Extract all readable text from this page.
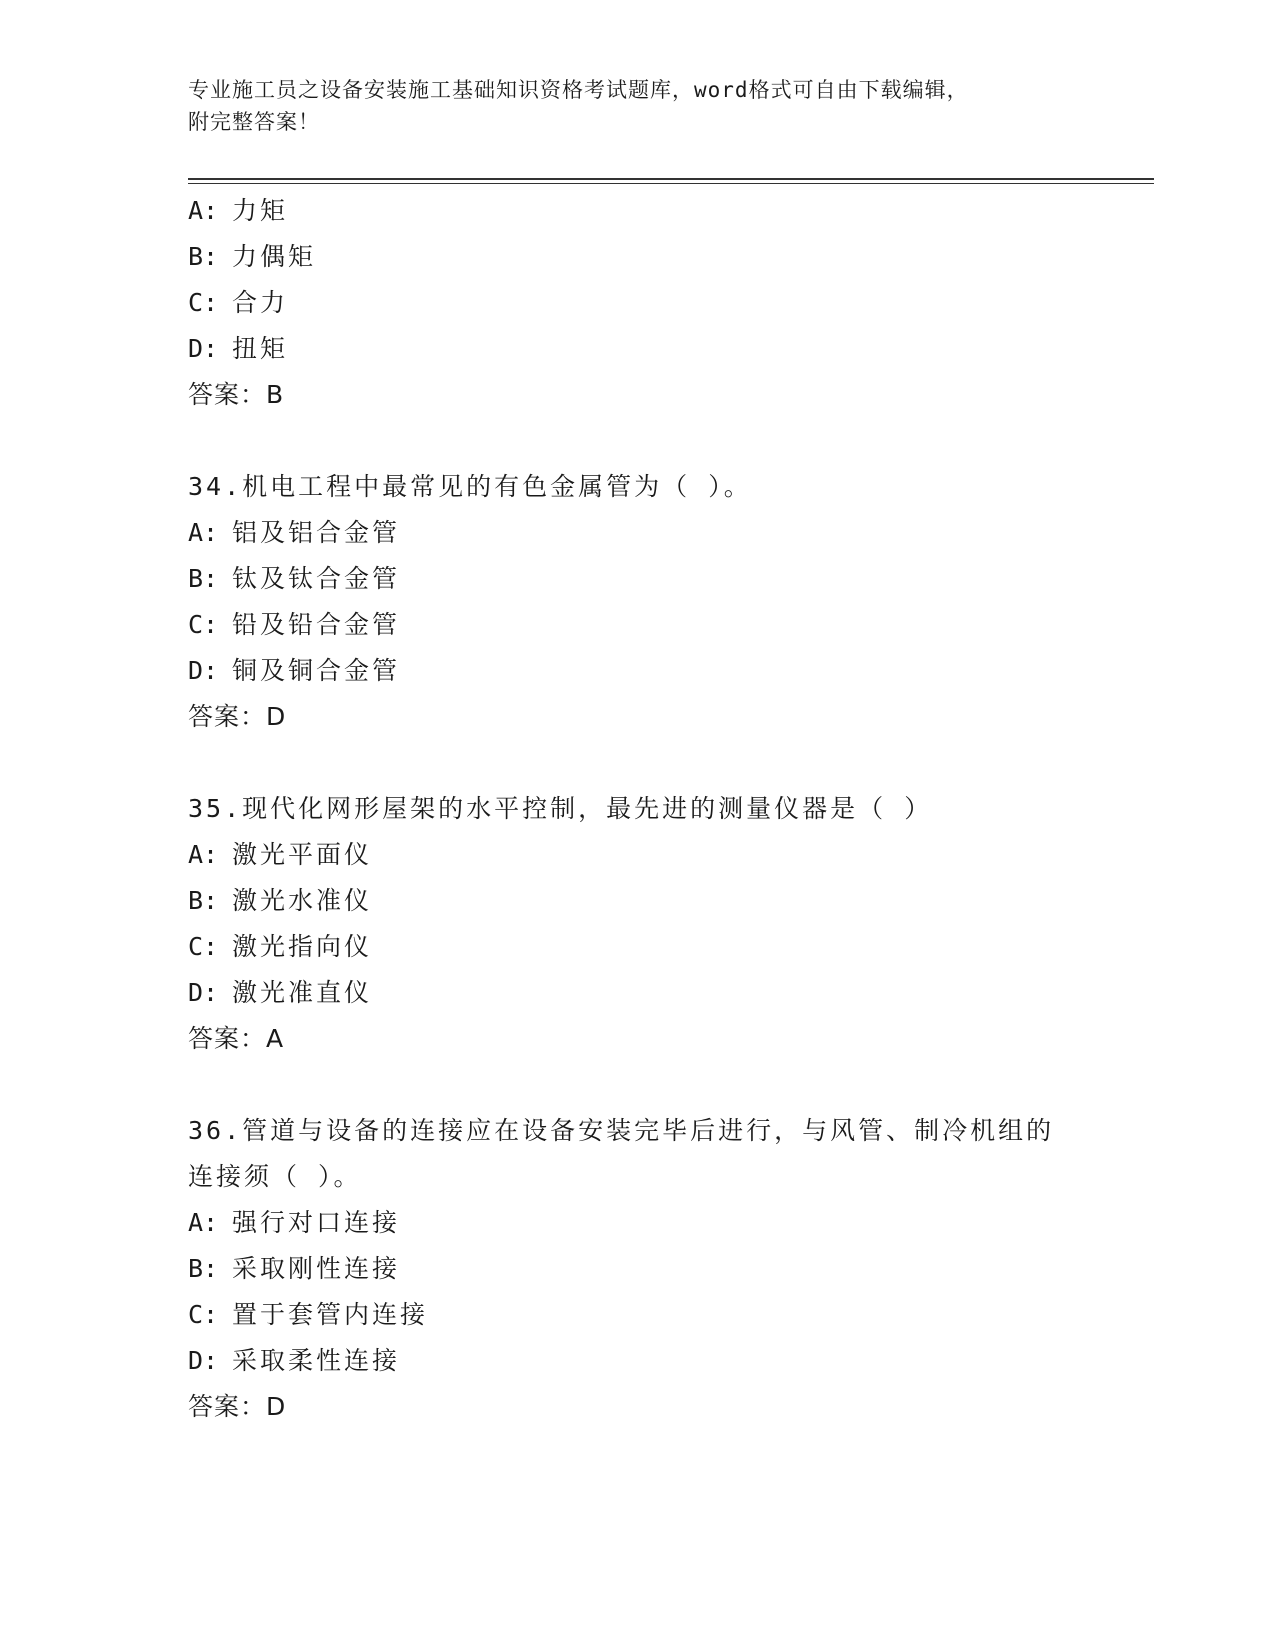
专业施工员之设备安装施工基础知识资格考试题库，word格式可自由下载编辑，
附完整答案！
A: 力矩
B: 力偶矩
C: 合力
D: 扭矩
答案：B
34.机电工程中最常见的有色金属管为（ ）。
A: 铝及铝合金管
B: 钛及钛合金管
C: 铅及铅合金管
D: 铜及铜合金管
答案：D
35.现代化网形屋架的水平控制，最先进的测量仪器是（ ）
A: 激光平面仪
B: 激光水准仪
C: 激光指向仪
D: 激光准直仪
答案：A
36.管道与设备的连接应在设备安装完毕后进行，与风管、制冷机组的
连接须（ ）。
A: 强行对口连接
B: 采取刚性连接
C: 置于套管内连接
D: 采取柔性连接
答案：D
